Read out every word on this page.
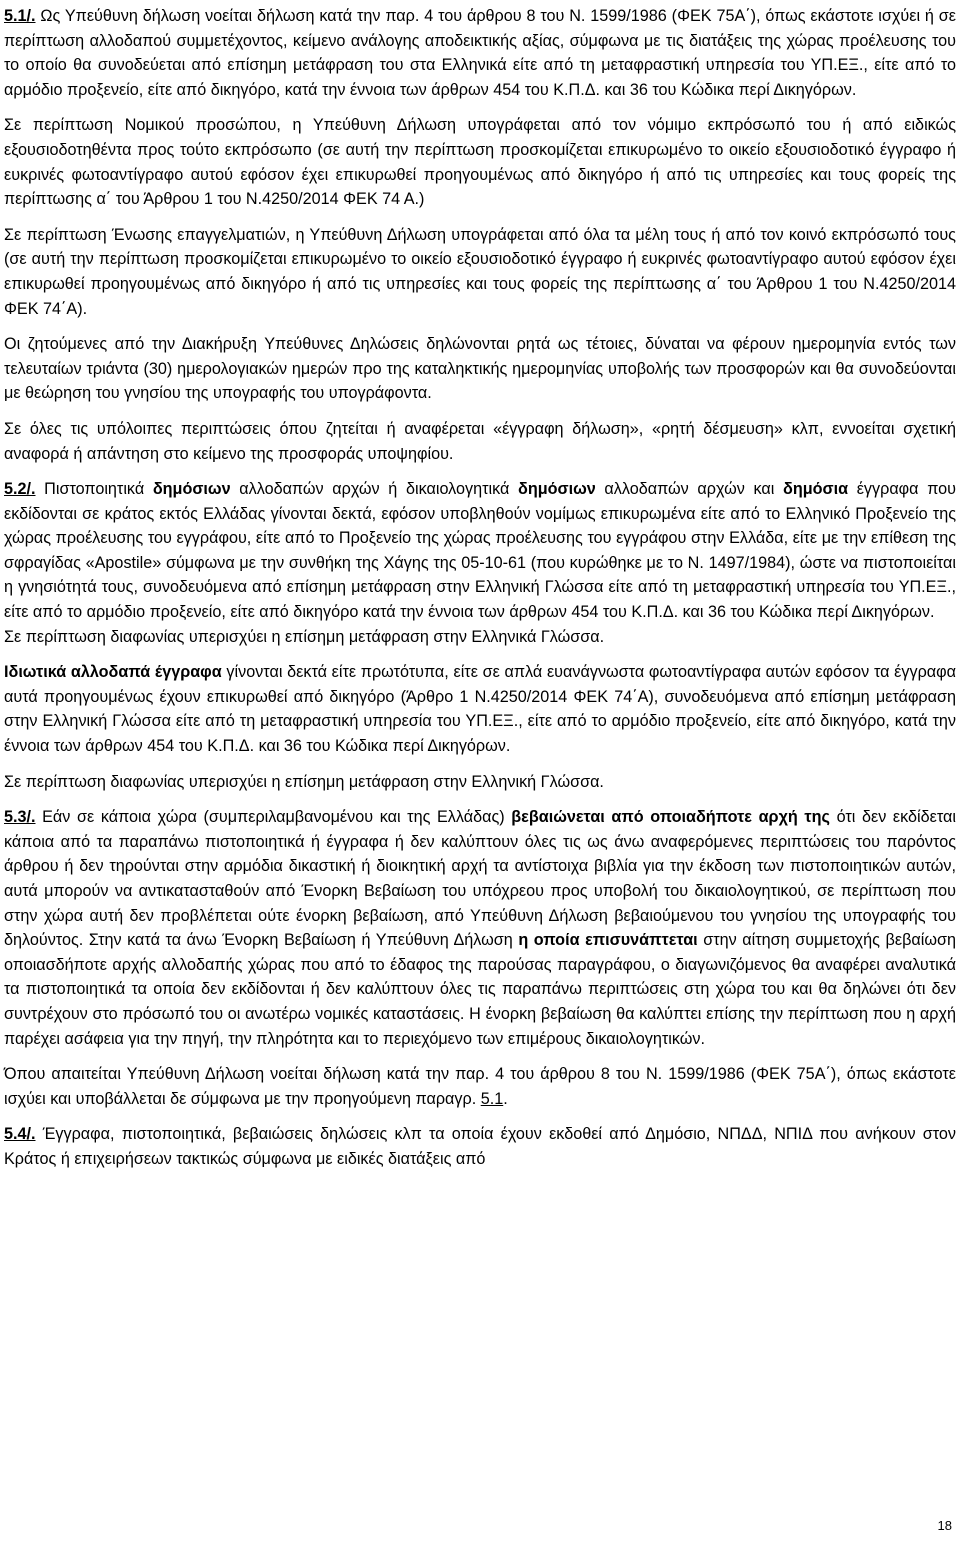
5.1/. Ως Υπεύθυνη δήλωση νοείται δήλωση κατά την παρ. 4 του άρθρου 8 του Ν. 1599/1986 (ΦΕΚ 75Α΄), όπως εκάστοτε ισχύει ή σε περίπτωση αλλοδαπού συμμετέχοντος, κείμενο ανάλογης αποδεικτικής αξίας, σύμφωνα με τις διατάξεις της χώρας προέλευσης του το οποίο θα συνοδεύεται από επίσημη μετάφραση του στα Ελληνικά είτε από τη μεταφραστική υπηρεσία του ΥΠ.ΕΞ., είτε από το αρμόδιο προξενείο, είτε από δικηγόρο, κατά την έννοια των άρθρων 454 του Κ.Π.Δ. και 36 του Κώδικα περί Δικηγόρων.

Σε περίπτωση Νομικού προσώπου, η Υπεύθυνη Δήλωση υπογράφεται από τον νόμιμο εκπρόσωπό του ή από ειδικώς εξουσιοδοτηθέντα προς τούτο εκπρόσωπο (σε αυτή την περίπτωση προσκομίζεται επικυρωμένο το οικείο εξουσιοδοτικό έγγραφο ή ευκρινές φωτοαντίγραφο αυτού εφόσον έχει επικυρωθεί προηγουμένως από δικηγόρο ή από τις υπηρεσίες και τους φορείς της περίπτωσης α΄ του Άρθρου 1 του Ν.4250/2014 ΦΕΚ 74 Α.)

Σε περίπτωση Ένωσης επαγγελματιών, η Υπεύθυνη Δήλωση υπογράφεται από όλα τα μέλη τους ή από τον κοινό εκπρόσωπό τους (σε αυτή την περίπτωση προσκομίζεται επικυρωμένο το οικείο εξουσιοδοτικό έγγραφο ή ευκρινές φωτοαντίγραφο αυτού εφόσον έχει επικυρωθεί προηγουμένως από δικηγόρο ή από τις υπηρεσίες και τους φορείς της περίπτωσης α΄ του Άρθρου 1 του Ν.4250/2014 ΦΕΚ 74΄Α).

Οι ζητούμενες από την Διακήρυξη Υπεύθυνες Δηλώσεις δηλώνονται ρητά ως τέτοιες, δύναται να φέρουν ημερομηνία εντός των τελευταίων τριάντα (30) ημερολογιακών ημερών προ της καταληκτικής ημερομηνίας υποβολής των προσφορών και θα συνοδεύονται με θεώρηση του γνησίου της υπογραφής του υπογράφοντα.

Σε όλες τις υπόλοιπες περιπτώσεις όπου ζητείται ή αναφέρεται «έγγραφη δήλωση», «ρητή δέσμευση» κλπ, εννοείται σχετική αναφορά ή απάντηση στο κείμενο της προσφοράς υποψηφίου.

5.2/. Πιστοποιητικά δημόσιων αλλοδαπών αρχών ή δικαιολογητικά δημόσιων αλλοδαπών αρχών και δημόσια έγγραφα που εκδίδονται σε κράτος εκτός Ελλάδας γίνονται δεκτά, εφόσον υποβληθούν νομίμως επικυρωμένα είτε από το Ελληνικό Προξενείο της χώρας προέλευσης του εγγράφου, είτε από το Προξενείο της χώρας προέλευσης του εγγράφου στην Ελλάδα, είτε με την επίθεση της σφραγίδας «Apostile» σύμφωνα με την συνθήκη της Χάγης της 05-10-61 (που κυρώθηκε με το Ν. 1497/1984), ώστε να πιστοποιείται η γνησιότητά τους, συνοδευόμενα από επίσημη μετάφραση στην Ελληνική Γλώσσα είτε από τη μεταφραστική υπηρεσία του ΥΠ.ΕΞ., είτε από το αρμόδιο προξενείο, είτε από δικηγόρο κατά την έννοια των άρθρων 454 του Κ.Π.Δ. και 36 του Κώδικα περί Δικηγόρων.

Σε περίπτωση διαφωνίας υπερισχύει η επίσημη μετάφραση στην Ελληνικά Γλώσσα.

Ιδιωτικά αλλοδαπά έγγραφα γίνονται δεκτά είτε πρωτότυπα, είτε σε απλά ευανάγνωστα φωτοαντίγραφα αυτών εφόσον τα έγγραφα αυτά προηγουμένως έχουν επικυρωθεί από δικηγόρο (Άρθρο 1 Ν.4250/2014 ΦΕΚ 74΄Α), συνοδευόμενα από επίσημη μετάφραση στην Ελληνική Γλώσσα είτε από τη μεταφραστική υπηρεσία του ΥΠ.ΕΞ., είτε από το αρμόδιο προξενείο, είτε από δικηγόρο, κατά την έννοια των άρθρων 454 του Κ.Π.Δ. και 36 του Κώδικα περί Δικηγόρων.

Σε περίπτωση διαφωνίας υπερισχύει η επίσημη μετάφραση στην Ελληνική Γλώσσα.

5.3/. Εάν σε κάποια χώρα (συμπεριλαμβανομένου και της Ελλάδας) βεβαιώνεται από οποιαδήποτε αρχή της ότι δεν εκδίδεται κάποια από τα παραπάνω πιστοποιητικά ή έγγραφα ή δεν καλύπτουν όλες τις ως άνω αναφερόμενες περιπτώσεις του παρόντος άρθρου ή δεν τηρούνται στην αρμόδια δικαστική ή διοικητική αρχή τα αντίστοιχα βιβλία για την έκδοση των πιστοποιητικών αυτών, αυτά μπορούν να αντικατασταθούν από Ένορκη Βεβαίωση του υπόχρεου προς υποβολή του δικαιολογητικού, σε περίπτωση που στην χώρα αυτή δεν προβλέπεται ούτε ένορκη βεβαίωση, από Υπεύθυνη Δήλωση βεβαιούμενου του γνησίου της υπογραφής του δηλούντος. Στην κατά τα άνω Ένορκη Βεβαίωση ή Υπεύθυνη Δήλωση η οποία επισυνάπτεται στην αίτηση συμμετοχής βεβαίωση οποιασδήποτε αρχής αλλοδαπής χώρας που από το έδαφος της παρούσας παραγράφου, ο διαγωνιζόμενος θα αναφέρει αναλυτικά τα πιστοποιητικά τα οποία δεν εκδίδονται ή δεν καλύπτουν όλες τις παραπάνω περιπτώσεις στη χώρα του και θα δηλώνει ότι δεν συντρέχουν στο πρόσωπό του οι ανωτέρω νομικές καταστάσεις. Η ένορκη βεβαίωση θα καλύπτει επίσης την περίπτωση που η αρχή παρέχει ασάφεια για την πηγή, την πληρότητα και το περιεχόμενο των επιμέρους δικαιολογητικών.

Όπου απαιτείται Υπεύθυνη Δήλωση νοείται δήλωση κατά την παρ. 4 του άρθρου 8 του Ν. 1599/1986 (ΦΕΚ 75Α΄), όπως εκάστοτε ισχύει και υποβάλλεται δε σύμφωνα με την προηγούμενη παραγρ. 5.1.

5.4/. Έγγραφα, πιστοποιητικά, βεβαιώσεις δηλώσεις κλπ τα οποία έχουν εκδοθεί από Δημόσιο, ΝΠΔΔ, ΝΠΙΔ που ανήκουν στον Κράτος ή επιχειρήσεων τακτικώς σύμφωνα με ειδικές διατάξεις από

18
